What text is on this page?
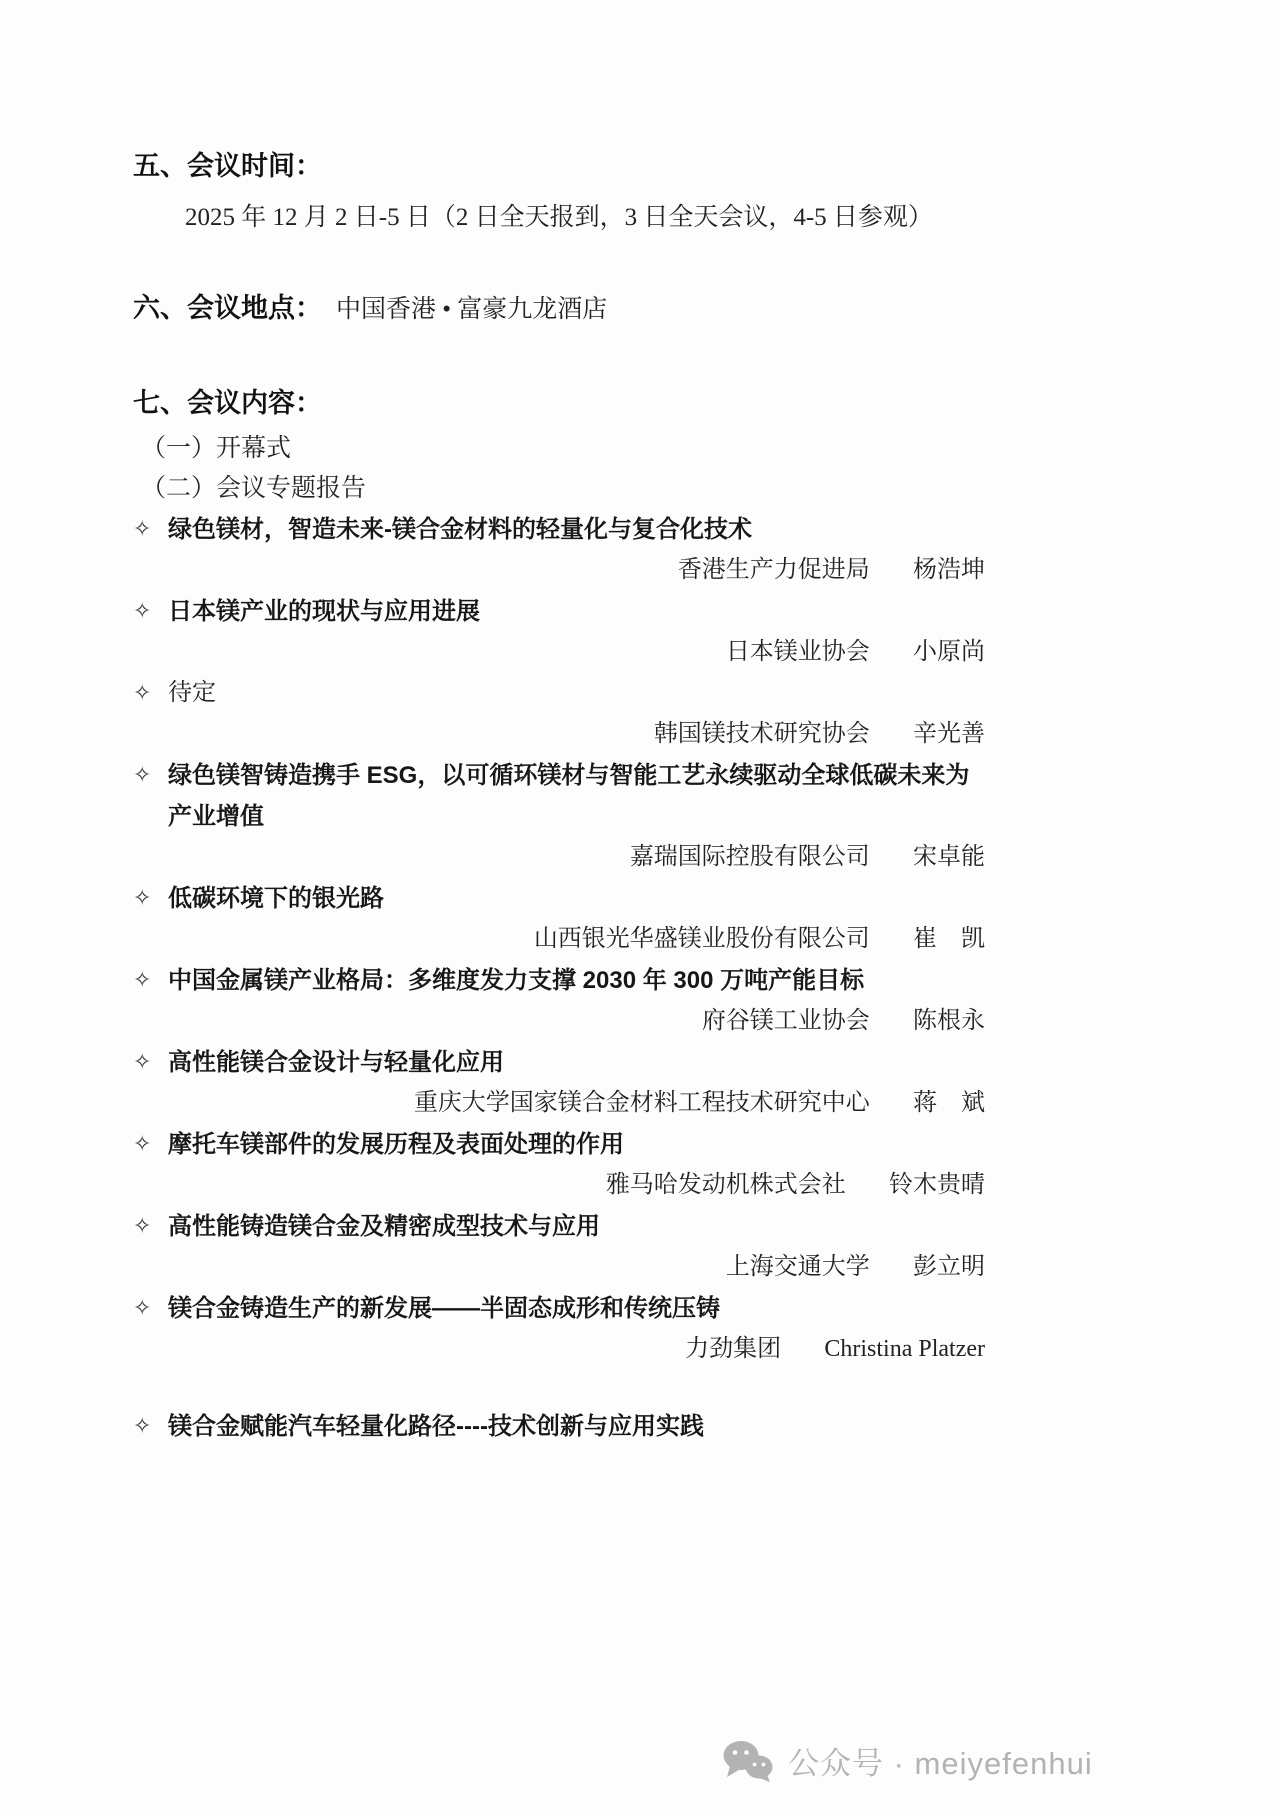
五、会议时间：

2025 年 12 月 2 日-5 日（2 日全天报到，3 日全天会议，4-5 日参观）

六、会议地点： 中国香港 • 富豪九龙酒店
七、会议内容：

（一）开幕式

（二）会议专题报告

✧ 绿色镁材，智造未来-镁合金材料的轻量化与复合化技术
香港生产力促进局 杨浩坤
✧ 日本镁产业的现状与应用进展
日本镁业协会 小原尚
✧ 待定
韩国镁技术研究协会 辛光善
✧ 绿色镁智铸造携手 ESG，以可循环镁材与智能工艺永续驱动全球低碳未来为产业增值
嘉瑞国际控股有限公司 宋卓能
✧ 低碳环境下的银光路
山西银光华盛镁业股份有限公司 崔　凯
✧ 中国金属镁产业格局：多维度发力支撑 2030 年 300 万吨产能目标
府谷镁工业协会 陈根永
✧ 高性能镁合金设计与轻量化应用
重庆大学国家镁合金材料工程技术研究中心 蒋　斌
✧ 摩托车镁部件的发展历程及表面处理的作用
雅马哈发动机株式会社 铃木贵晴
✧ 高性能铸造镁合金及精密成型技术与应用
上海交通大学 彭立明
✧ 镁合金铸造生产的新发展——半固态成形和传统压铸
力劲集团 Christina Platzer
✧ 镁合金赋能汽车轻量化路径----技术创新与应用实践
公众号 · meiyefenhui
